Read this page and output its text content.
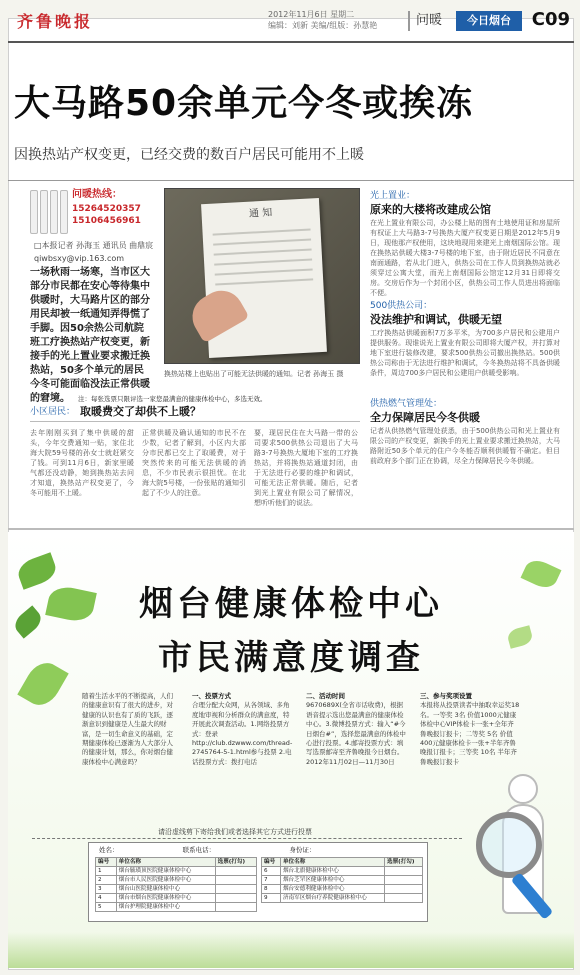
齐鲁晚报	2012年11月6日 星期二
编辑：刘新 美编/组版：孙慧艳	问暖	今日烟台	C09
大马路50余单元今冬或挨冻
因换热站产权变更，已经交费的数百户居民可能用不上暖
问暖热线：
15264520357
15106456961
□本报记者 孙海玉 通讯员 曲鼎宸
qiwbsxy@vip.163.com
一场秋雨一场寒，当市区大部分市民都在安心等待集中供暖时，大马路片区的部分用民却被一纸通知弄得慌了手脚。因50余热公司航院班工疗换热站产权变更，新接手的光上置业要求搬迁换热站，50多个单元的居民今冬可能面临没法正常供暖的窘境。
通 知
换热站楼上也贴出了可能无法供暖的通知。记者 孙海玉 摄
光上置业：
原来的大楼将改建成公馆
在光上置业有限公司，办公楼上贴的图有土地使用证和房屋所有权证上大马路3-7号换热大厦产权变更日期是2012年5月9日，现他那产权使用，这块地现用来建光上南烟国际公馆。现在换热站供暖大楼3-7号楼的地下室，由于附近居民不同意在南面通路，若从北门进入，供热公司在工作人员到换热站就必须穿过公寓大堂，而光上南烟国际公馆定12月31日即将交房。交房后作为一个封闭小区，供热公司工作人员进出将面临不便。
500供热公司：
没法维护和调试，供暖无望
工疗换热站供暖面积7万多平米，为700多户居民和公建用户提供服务。现谁说光上置业有限公司即将大厦产权，并打算对地下室进行装修改建，要求500供热公司撤出换热站。500供热公司称由于无法进行维护和调试，今冬换热站将不具备供暖条件，周边700多户居民和公建用户供暖受影响。
供热燃气管理处：
全力保障居民今冬供暖
记者从供热燃气管理处获悉，由于500供热公司和光上置业有限公司的产权变更，新换手的光上置业要求搬迁换热站，大马路附近50多个单元的住户今冬能否顺利供暖暂不确定。但目前政府多个部门正在协调，尽全力保障居民今冬供暖。
小区居民： 取暖费交了却供不上暖？
去年刚刚买到了集中供暖的甜头，今年交费通知一贴，家住北海大院59号楼的孙女士就赶紧交了钱。可到11月6日，新家里暖气都还没动静，她到换热站去问才知道，换热站产权变更了，今冬可能用不上暖。
正常供暖及确认通知的市民不在少数，记者了解到，小区内大部分市民都已交上了取暖费，对于突然传来的可能无法供暖的消息，不少市民表示很担忧。在北海大院5号楼，一份张贴的通知引起了不少人的注意。
要，现居民住在大马路一带的公司要求500供热公司退出了大马路3-7号换热大厦地下室的工疗换热站，并将换热站通道封闭，由于无法进行必要的维护和调试，可能无法正常供暖。随后，记者到光上置业有限公司了解情况，想听听他们的说法。
烟台健康体检中心
市民满意度调查
随着生活水平的不断提高，人们的健康意识有了很大的进步，对健康的认识也有了质的飞跃，逐渐意识到健康是人生最大的财富，是一切生命意义的基础，定期健康体检已逐渐为人大部分人的健康计划，那么，你对烟台健康体检中心满意吗？
一、投票方式
合理分配大众网，从各领域、多角度地审视和分析群众的满意度，特开展此次调查活动。1.网络投票方式：登录http://club.dzwww.com/thread-2745764-5-1.html参与投票 2.电话投票方式：拨打电话
二、活动时间
9670689X(全省市话收费)，根据语音提示选出您最满意的健康体检中心。3.微博投票方式：输入“#今日烟台#”，选择您最满意的体检中心进行投票。4.邮寄投票方式：填写选票邮寄至齐鲁晚报今日烟台。2012年11月02日—11月30日
三、参与奖项设置
本报将从投票读者中抽取幸运奖18名。一等奖 3名 价值1000元健康体检中心VIP体检卡一张+全年齐鲁晚报订报卡；二等奖 5名 价值400元健康体检卡一张+半年齐鲁晚报订报卡；三等奖 10名 半年齐鲁晚报订报卡
请沿虚线剪下寄给我们或者选择其它方式进行投票
姓名：	联系电话：	身份证：
编号	单位名称	选票(打勾)
1	烟台毓璜顶医院健康体检中心	
2	烟台市人民医院健康体检中心	
3	烟台山医院健康体检中心	
4	烟台市烟台医院健康体检中心	
5	烟台护理院健康体检中心	
编号	单位名称	选票(打勾)
6	烟台北旗健康体检中心	
7	烟台芝罘区健康体检中心	
8	烟台安德利健康体检中心	
9	济南军区烟台疗养院健康体检中心	
注：每张选票只限评选一家您最满意的健康体检中心，多选无效。
